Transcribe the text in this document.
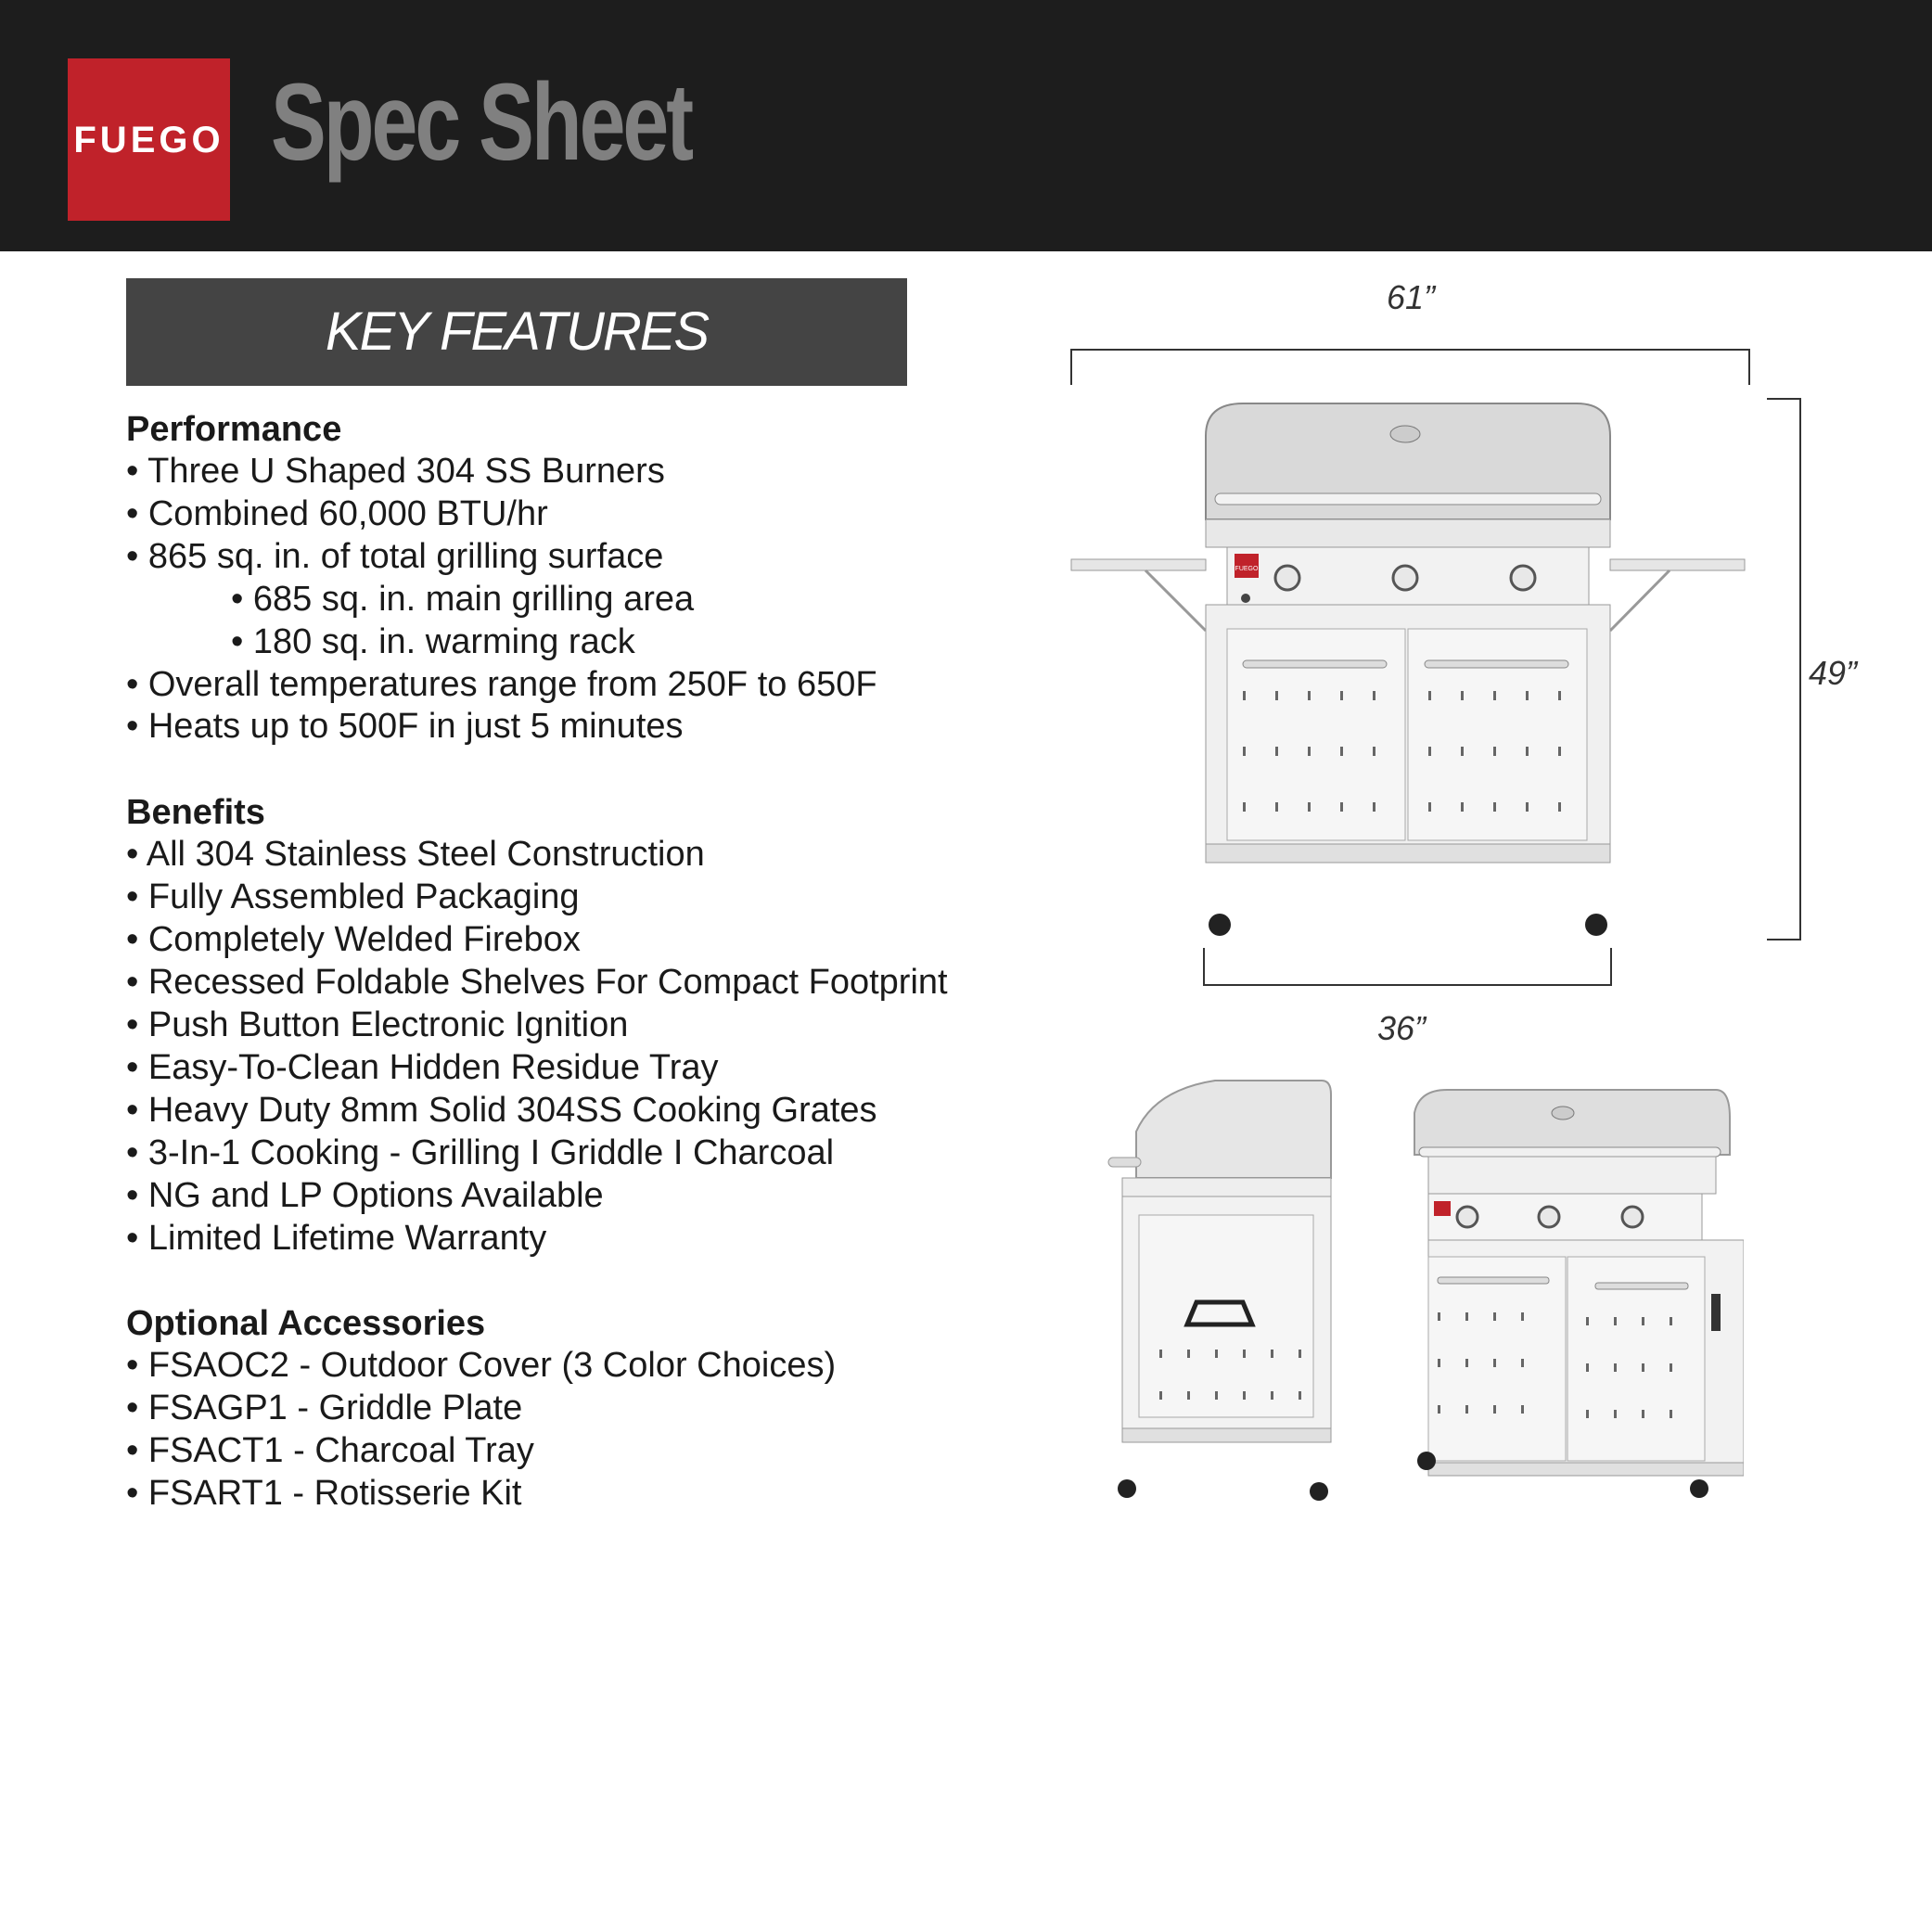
FUEGO Spec Sheet
KEY FEATURES
Performance
• Three U Shaped 304 SS Burners
• Combined 60,000 BTU/hr
• 865 sq. in. of total grilling surface
• 685 sq. in. main grilling area
• 180 sq. in. warming rack
• Overall temperatures range from 250F to 650F
• Heats up to 500F in just 5 minutes
Benefits
• All 304 Stainless Steel Construction
• Fully Assembled Packaging
• Completely Welded Firebox
• Recessed Foldable Shelves For Compact Footprint
• Push Button Electronic Ignition
• Easy-To-Clean Hidden Residue Tray
• Heavy Duty 8mm Solid 304SS Cooking Grates
• 3-In-1 Cooking - Grilling I Griddle I Charcoal
• NG and LP Options Available
• Limited Lifetime Warranty
Optional Accessories
• FSAOC2 - Outdoor Cover (3 Color Choices)
• FSAGP1 - Griddle Plate
• FSACT1 - Charcoal Tray
• FSART1 - Rotisserie Kit
61”
49”
36”
FUEGO
